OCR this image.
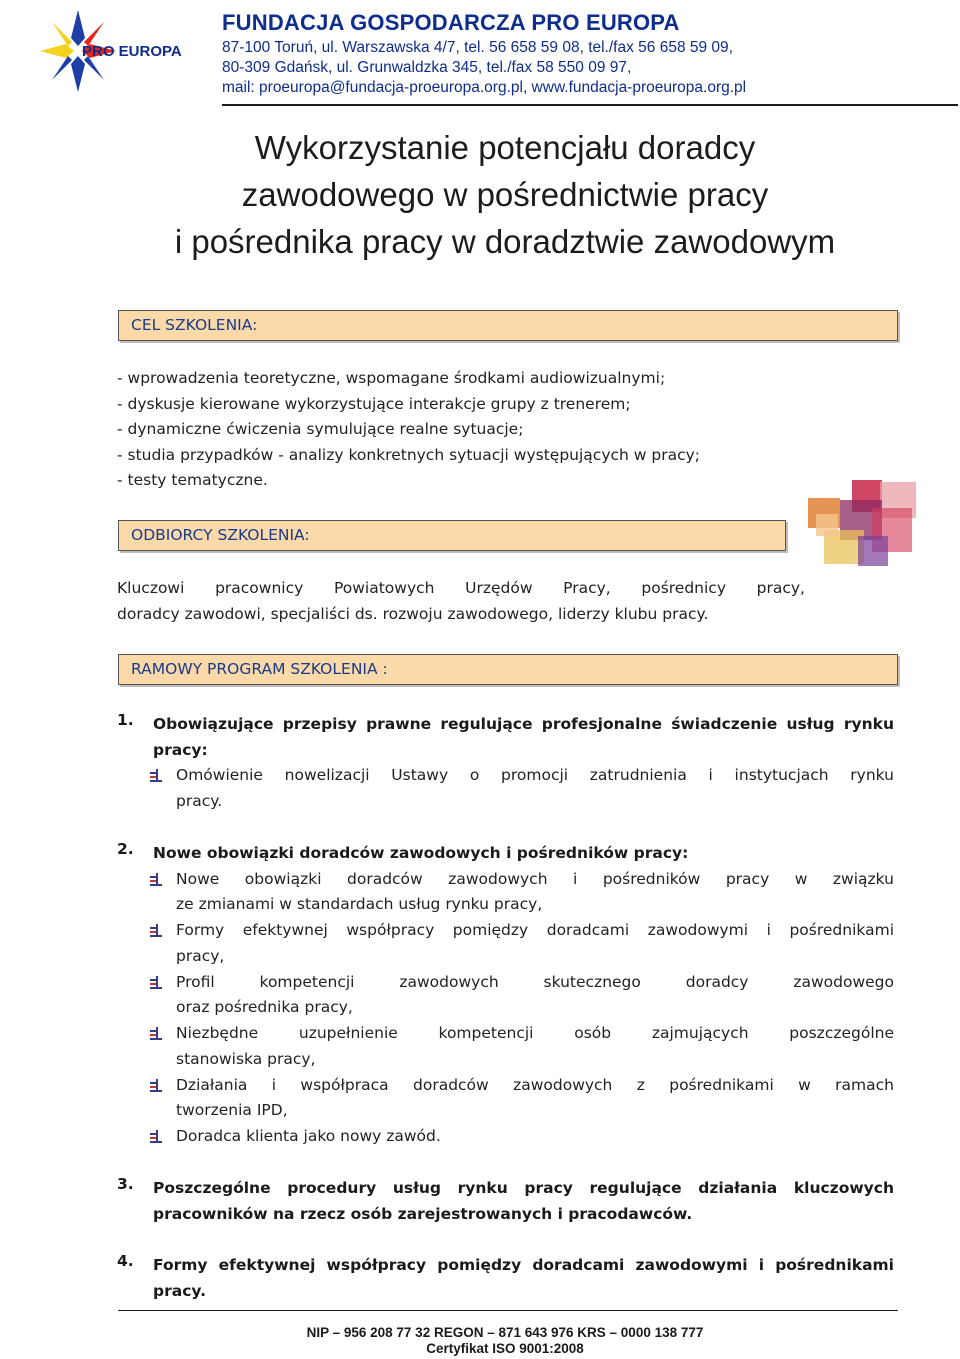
PRO EUROPA
FUNDACJA GOSPODARCZA PRO EUROPA
87-100 Toruń, ul. Warszawska 4/7, tel. 56 658 59 08, tel./fax 56 658 59 09,
80-309 Gdańsk, ul. Grunwaldzka 345, tel./fax 58 550 09 97,
mail: proeuropa@fundacja-proeuropa.org.pl, www.fundacja-proeuropa.org.pl
Wykorzystanie potencjału doradcy
zawodowego w pośrednictwie pracy
i pośrednika pracy w doradztwie zawodowym
CEL SZKOLENIA:
- wprowadzenia teoretyczne, wspomagane środkami audiowizualnymi;
- dyskusje kierowane wykorzystujące interakcje grupy z trenerem;
- dynamiczne ćwiczenia symulujące realne sytuacje;
- studia przypadków - analizy konkretnych sytuacji występujących w pracy;
- testy tematyczne.
ODBIORCY SZKOLENIA:
Kluczowi pracownicy Powiatowych Urzędów Pracy, pośrednicy pracy,
doradcy zawodowi, specjaliści ds. rozwoju zawodowego, liderzy klubu pracy.
RAMOWY PROGRAM SZKOLENIA :
1. Obowiązujące przepisy prawne regulujące profesjonalne świadczenie usług rynku
pracy:
Omówienie nowelizacji Ustawy o promocji zatrudnienia i instytucjach rynku
pracy.
2. Nowe obowiązki doradców zawodowych i pośredników pracy:
Nowe obowiązki doradców zawodowych i pośredników pracy w związku
ze zmianami w standardach usług rynku pracy,
Formy efektywnej współpracy pomiędzy doradcami zawodowymi i pośrednikami
pracy,
Profil kompetencji zawodowych skutecznego doradcy zawodowego
oraz pośrednika pracy,
Niezbędne uzupełnienie kompetencji osób zajmujących poszczególne
stanowiska pracy,
Działania i współpraca doradców zawodowych z pośrednikami w ramach
tworzenia IPD,
Doradca klienta jako nowy zawód.
3. Poszczególne procedury usług rynku pracy regulujące działania kluczowych
pracowników na rzecz osób zarejestrowanych i pracodawców.
4. Formy efektywnej współpracy pomiędzy doradcami zawodowymi i pośrednikami
pracy.
NIP – 956 208 77 32 REGON – 871 643 976 KRS – 0000 138 777
Certyfikat ISO 9001:2008
